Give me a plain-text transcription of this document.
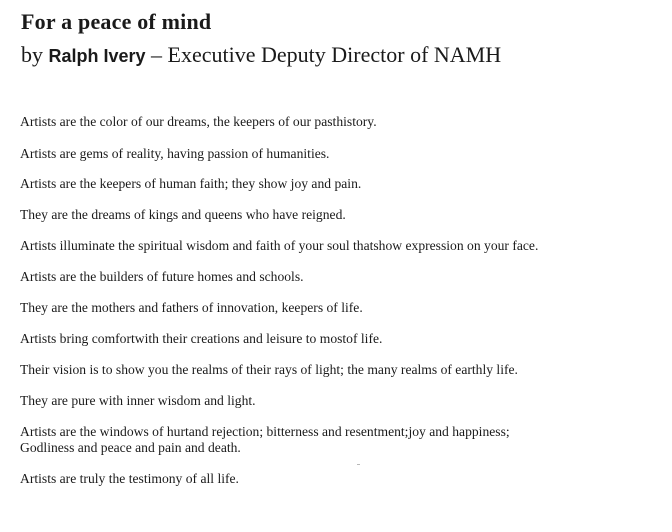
For a peace of mind
by Ralph Ivery – Executive Deputy Director of NAMH
Artists are the color of our dreams, the keepers of our pasthistory.
Artists are gems of reality, having passion of humanities.
Artists are the keepers of human faith; they show joy and pain.
They are the dreams of kings and queens who have reigned.
Artists illuminate the spiritual wisdom and faith of your soul thatshow expression on your face.
Artists are the builders of future homes and schools.
They are the mothers and fathers of innovation, keepers of life.
Artists bring comfortwith their creations and leisure to mostof life.
Their vision is to show you the realms of their rays of light; the many realms of earthly life.
They are pure with inner wisdom and light.
Artists are the windows of hurtand rejection; bitterness and resentment;joy and happiness;
Godliness and peace and pain and death.
Artists are truly the testimony of all life.
